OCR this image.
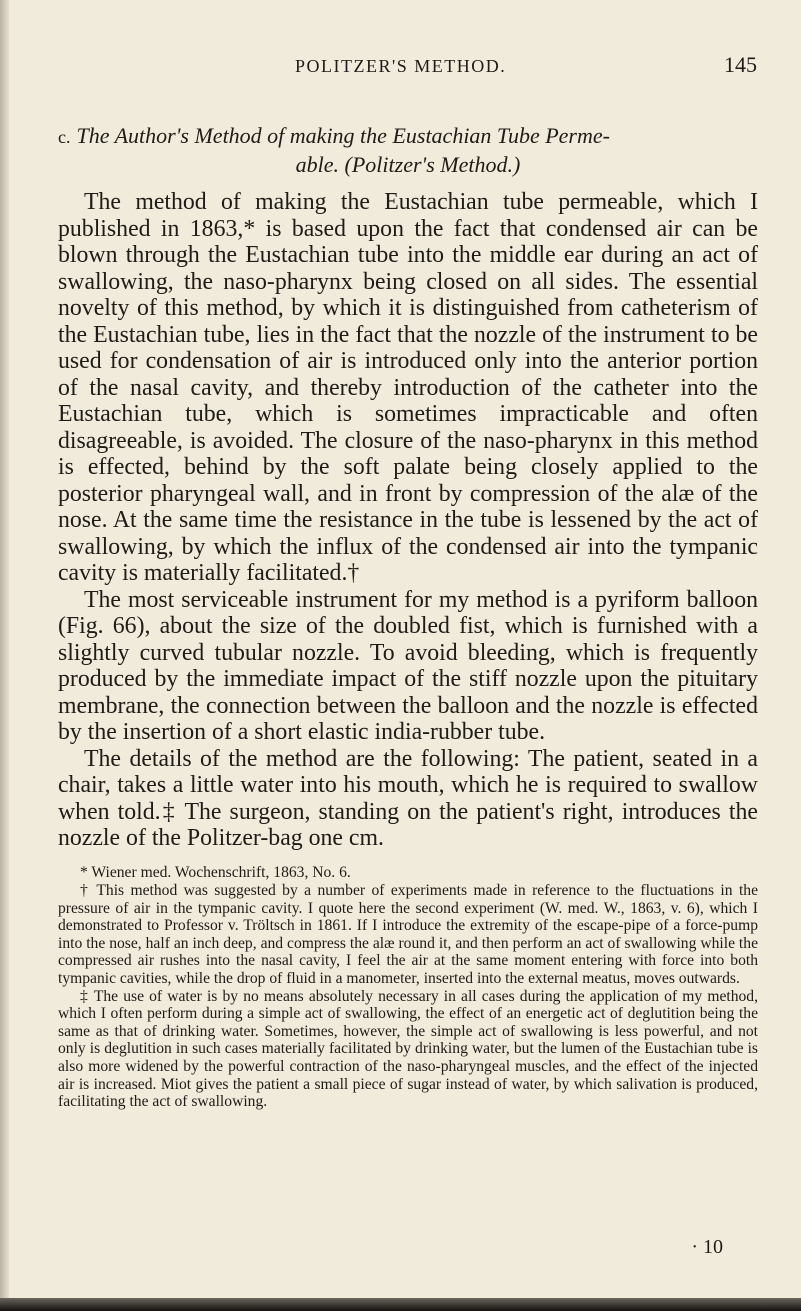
POLITZER'S METHOD.	145
c. The Author's Method of making the Eustachian Tube Perme-
able. (Politzer's Method.)

The method of making the Eustachian tube permeable, which I published in 1863,* is based upon the fact that condensed air can be blown through the Eustachian tube into the middle ear during an act of swallowing, the naso-pharynx being closed on all sides. The essential novelty of this method, by which it is distinguished from catheterism of the Eustachian tube, lies in the fact that the nozzle of the instrument to be used for condensation of air is introduced only into the anterior portion of the nasal cavity, and thereby introduction of the catheter into the Eustachian tube, which is sometimes impracticable and often disagreeable, is avoided. The closure of the naso-pharynx in this method is effected, behind by the soft palate being closely applied to the posterior pharyngeal wall, and in front by compression of the alæ of the nose. At the same time the resistance in the tube is lessened by the act of swallowing, by which the influx of the condensed air into the tympanic cavity is materially facilitated.†

The most serviceable instrument for my method is a pyriform balloon (Fig. 66), about the size of the doubled fist, which is furnished with a slightly curved tubular nozzle. To avoid bleeding, which is frequently produced by the immediate impact of the stiff nozzle upon the pituitary membrane, the connection between the balloon and the nozzle is effected by the insertion of a short elastic india-rubber tube.

The details of the method are the following: The patient, seated in a chair, takes a little water into his mouth, which he is required to swallow when told.‡ The surgeon, standing on the patient's right, introduces the nozzle of the Politzer-bag one cm.

* Wiener med. Wochenschrift, 1863, No. 6.

† This method was suggested by a number of experiments made in reference to the fluctuations in the pressure of air in the tympanic cavity. I quote here the second experiment (W. med. W., 1863, v. 6), which I demonstrated to Professor v. Tröltsch in 1861. If I introduce the extremity of the escape-pipe of a force-pump into the nose, half an inch deep, and compress the alæ round it, and then perform an act of swallowing while the compressed air rushes into the nasal cavity, I feel the air at the same moment entering with force into both tympanic cavities, while the drop of fluid in a manometer, inserted into the external meatus, moves outwards.

‡ The use of water is by no means absolutely necessary in all cases during the application of my method, which I often perform during a simple act of swallowing, the effect of an energetic act of deglutition being the same as that of drinking water. Sometimes, however, the simple act of swallowing is less powerful, and not only is deglutition in such cases materially facilitated by drinking water, but the lumen of the Eustachian tube is also more widened by the powerful contraction of the naso-pharyngeal muscles, and the effect of the injected air is increased. Miot gives the patient a small piece of sugar instead of water, by which salivation is produced, facilitating the act of swallowing.

· 10
